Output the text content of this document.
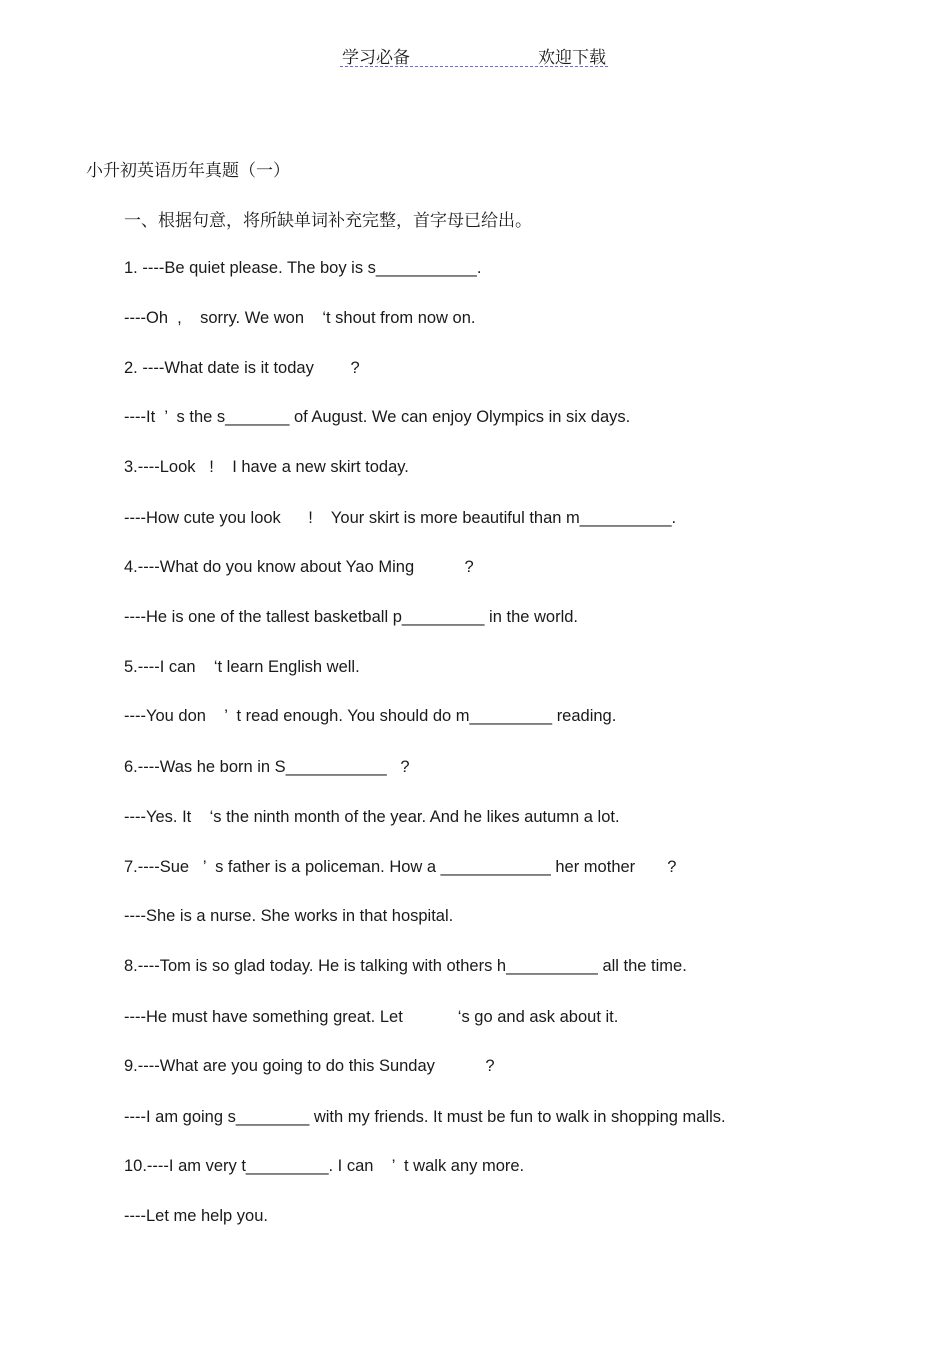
学习必备	欢迎下载
小升初英语历年真题（一）
一、根据句意，将所缺单词补充完整，首字母已给出。
1. ----Be quiet please. The boy is s___________.
----Oh  ,    sorry. We won    ‘t shout from now on.
2. ----What date is it today        ?
----It  ’  s the s_______ of August. We can enjoy Olympics in six days.
3.----Look   !    I have a new skirt today.
----How cute you look      !    Your skirt is more beautiful than m__________.
4.----What do you know about Yao Ming           ?
----He is one of the tallest basketball p_________ in the world.
5.----I can    ‘t learn English well.
----You don    ’  t read enough. You should do m_________ reading.
6.----Was he born in S___________   ?
----Yes. It    ‘s the ninth month of the year. And he likes autumn a lot.
7.----Sue   ’  s father is a policeman. How a ____________ her mother       ?
----She is a nurse. She works in that hospital.
8.----Tom is so glad today. He is talking with others h__________ all the time.
----He must have something great. Let            ‘s go and ask about it.
9.----What are you going to do this Sunday           ?
----I am going s________ with my friends. It must be fun to walk in shopping malls.
10.----I am very t_________. I can    ’  t walk any more.
----Let me help you.
